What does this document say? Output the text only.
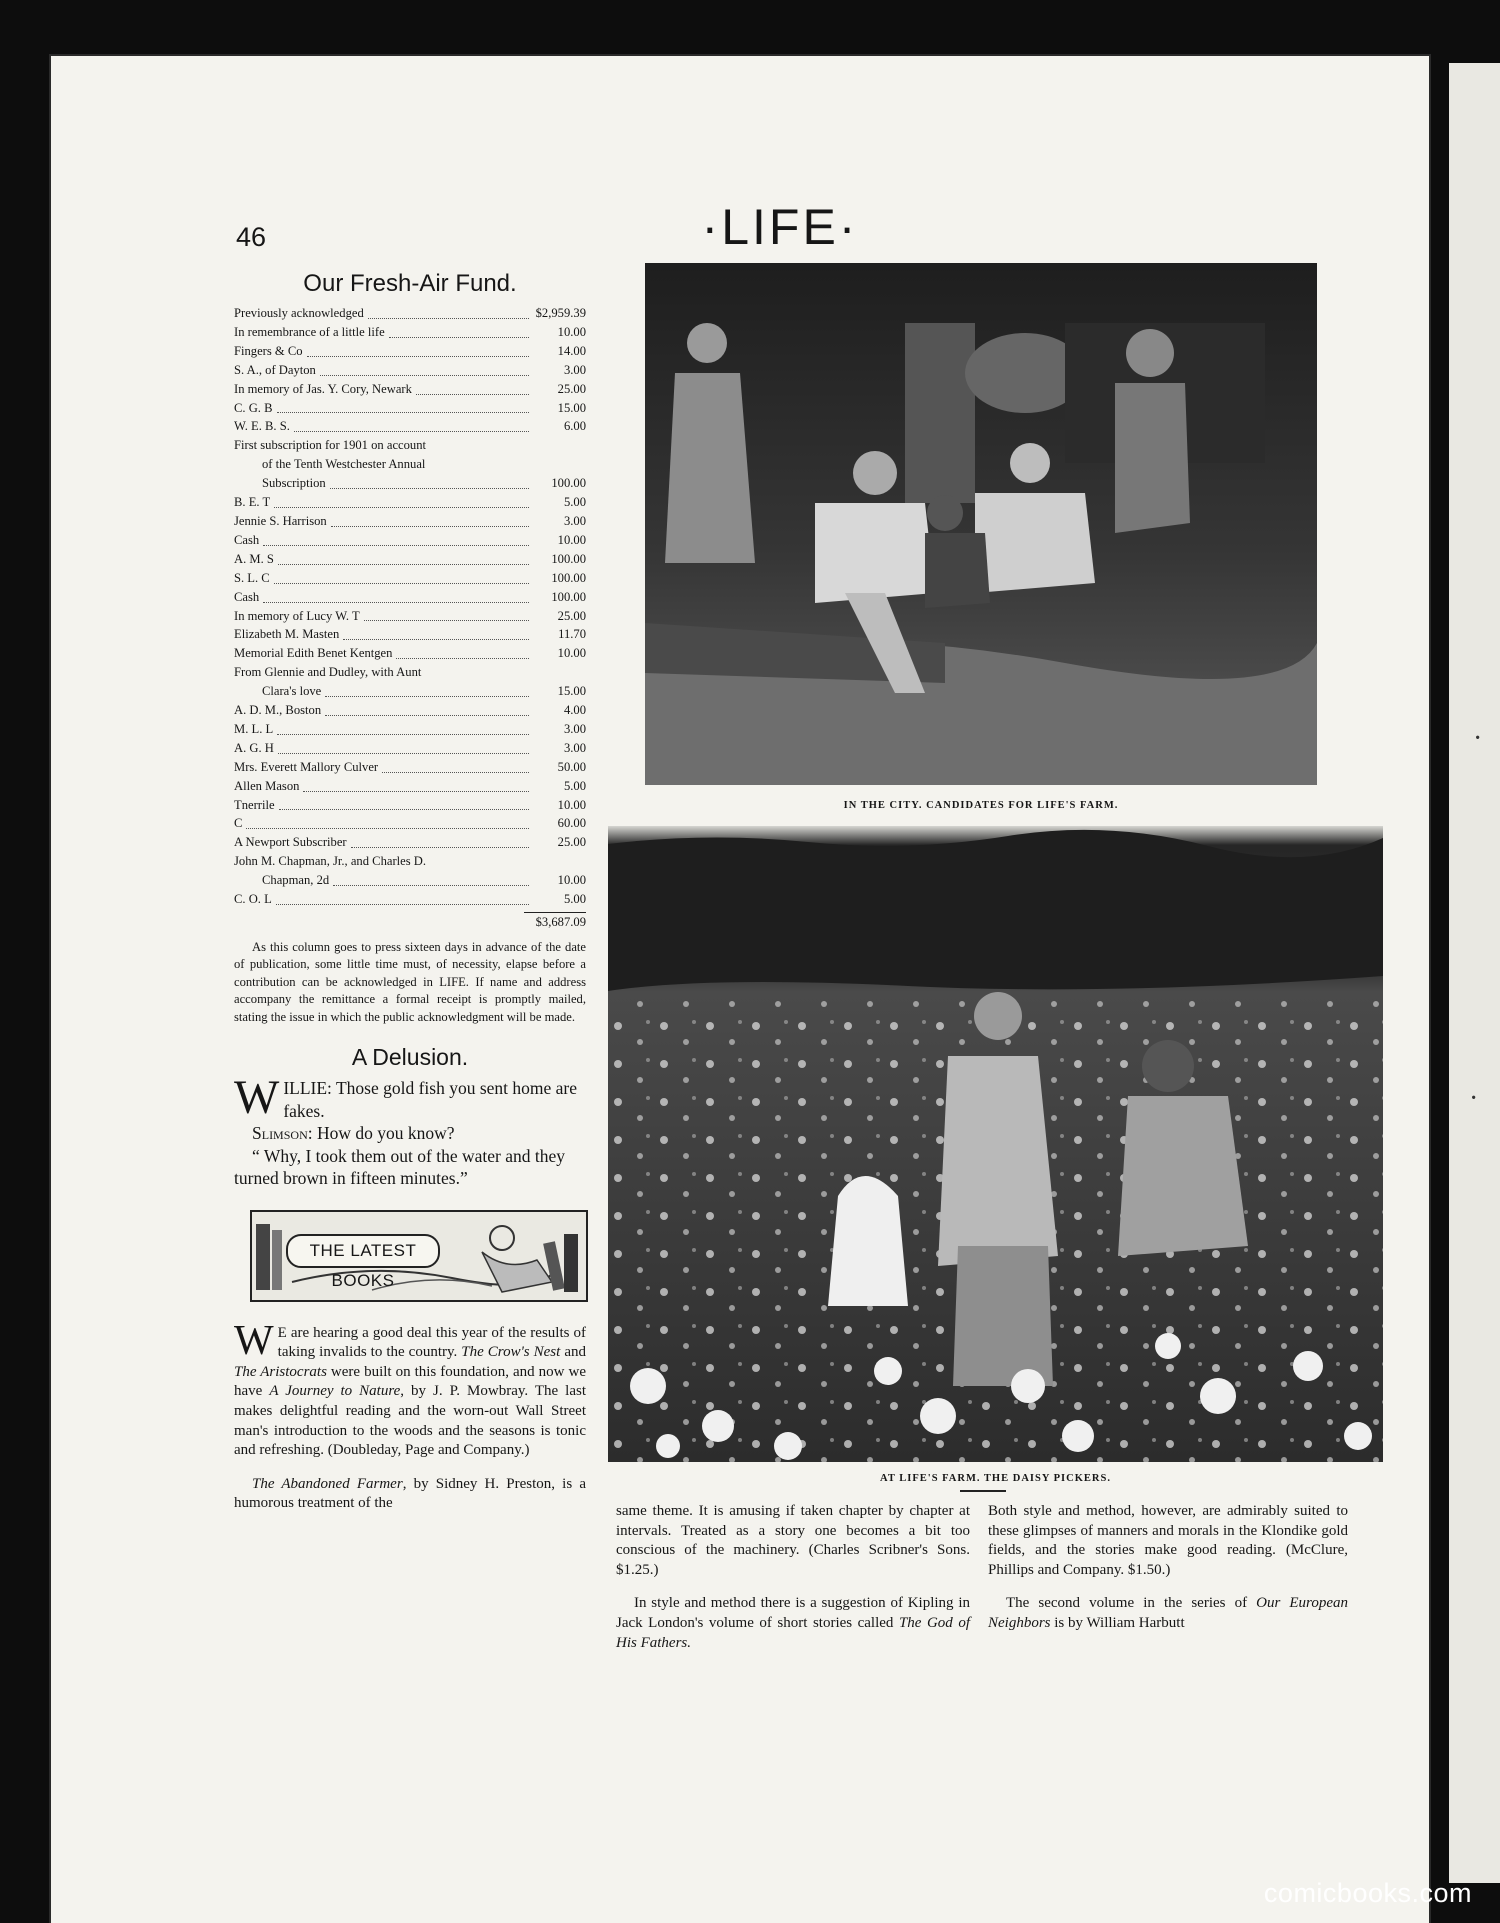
·
·
46	·LIFE·
Our Fresh-Air Fund.
Previously acknowledged	$2,959.39
In remembrance of a little life	10.00
Fingers & Co	14.00
S. A., of Dayton	3.00
In memory of Jas. Y. Cory, Newark	25.00
C. G. B	15.00
W. E. B. S.	6.00
First subscription for 1901 on account
of the Tenth Westchester Annual
Subscription	100.00
B. E. T	5.00
Jennie S. Harrison	3.00
Cash	10.00
A. M. S	100.00
S. L. C	100.00
Cash	100.00
In memory of Lucy W. T	25.00
Elizabeth M. Masten	11.70
Memorial Edith Benet Kentgen	10.00
From Glennie and Dudley, with Aunt
Clara's love	15.00
A. D. M., Boston	4.00
M. L. L	3.00
A. G. H	3.00
Mrs. Everett Mallory Culver	50.00
Allen Mason	5.00
Tnerrile	10.00
C	60.00
A Newport Subscriber	25.00
John M. Chapman, Jr., and Charles D.
Chapman, 2d	10.00
C. O. L	5.00
$3,687.09

As this column goes to press sixteen days in advance of the date of publication, some little time must, of necessity, elapse before a contribution can be acknowledged in LIFE. If name and address accompany the remittance a formal receipt is promptly mailed, stating the issue in which the public acknowledgment will be made.

A Delusion.

WILLIE: Those gold fish you sent home are fakes.

Slimson: How do you know?

“ Why, I took them out of the water and they turned brown in fifteen minutes.”

THE LATEST BOOKS

W E are hearing a good deal this year of the results of taking invalids to the country. The Crow's Nest and The Aristocrats were built on this foundation, and now we have A Journey to Nature, by J. P. Mowbray. The last makes delightful reading and the worn-out Wall Street man's introduction to the woods and the seasons is tonic and refreshing. (Doubleday, Page and Company.)

The Abandoned Farmer, by Sidney H. Preston, is a humorous treatment of the

IN THE CITY. CANDIDATES FOR LIFE'S FARM.
AT LIFE'S FARM. THE DAISY PICKERS.

same theme. It is amusing if taken chapter by chapter at intervals. Treated as a story one becomes a bit too conscious of the machinery. (Charles Scribner's Sons. $1.25.)

In style and method there is a suggestion of Kipling in Jack London's volume of short stories called The God of His Fathers.

Both style and method, however, are admirably suited to these glimpses of manners and morals in the Klondike gold fields, and the stories make good reading. (McClure, Phillips and Company. $1.50.)

The second volume in the series of Our European Neighbors is by William Harbutt

comicbooks.com
